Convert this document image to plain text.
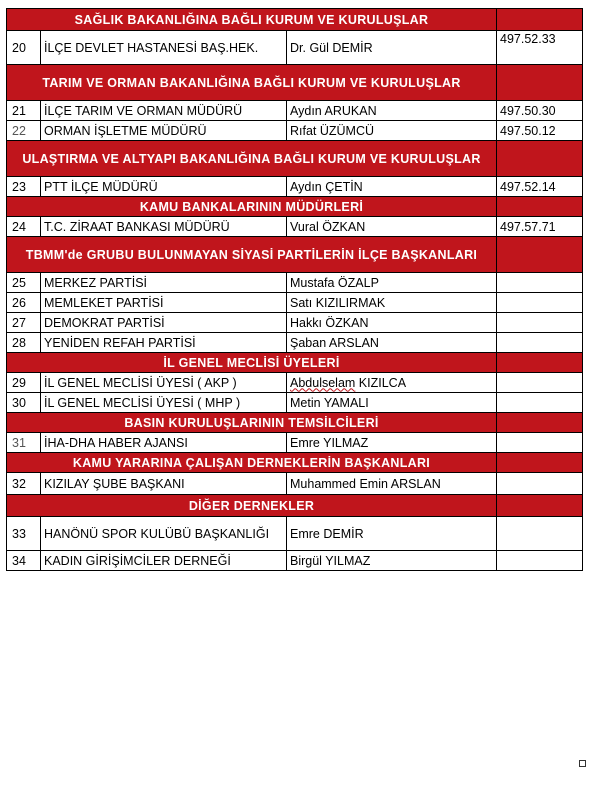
SAĞLIK BAKANLIĞINA BAĞLI KURUM VE KURULUŞLAR			
20	İLÇE DEVLET HASTANESİ BAŞ.HEK.	Dr. Gül DEMİR	497.52.33
TARIM VE ORMAN BAKANLIĞINA BAĞLI KURUM VE KURULUŞLAR			
21	İLÇE TARIM VE ORMAN MÜDÜRÜ	Aydın ARUKAN	497.50.30
22	ORMAN İŞLETME MÜDÜRÜ	Rıfat ÜZÜMCÜ	497.50.12
ULAŞTIRMA VE ALTYAPI BAKANLIĞINA BAĞLI KURUM VE KURULUŞLAR			
23	PTT İLÇE MÜDÜRÜ	Aydın ÇETİN	497.52.14
KAMU BANKALARININ MÜDÜRLERİ			
24	T.C. ZİRAAT BANKASI MÜDÜRÜ	Vural ÖZKAN	497.57.71
TBMM'de GRUBU BULUNMAYAN SİYASİ PARTİLERİN İLÇE BAŞKANLARI			
25	MERKEZ PARTİSİ	Mustafa ÖZALP	
26	MEMLEKET PARTİSİ	Satı KIZILIRMAK	
27	DEMOKRAT PARTİSİ	Hakkı ÖZKAN	
28	YENİDEN REFAH PARTİSİ	Şaban ARSLAN	
İL GENEL MECLİSİ ÜYELERİ			
29	İL GENEL MECLİSİ ÜYESİ ( AKP )	Abdulselam KIZILCA	
30	İL GENEL MECLİSİ ÜYESİ ( MHP )	Metin YAMALI	
BASIN KURULUŞLARININ TEMSİLCİLERİ			
31	İHA-DHA HABER AJANSI	Emre YILMAZ	
KAMU YARARINA ÇALIŞAN DERNEKLERİN BAŞKANLARI			
32	KIZILAY ŞUBE BAŞKANI	Muhammed Emin ARSLAN	
DİĞER DERNEKLER			
33	HANÖNÜ SPOR KULÜBÜ BAŞKANLIĞI	Emre DEMİR	
34	KADIN GİRİŞİMCİLER DERNEĞİ	Birgül YILMAZ	
